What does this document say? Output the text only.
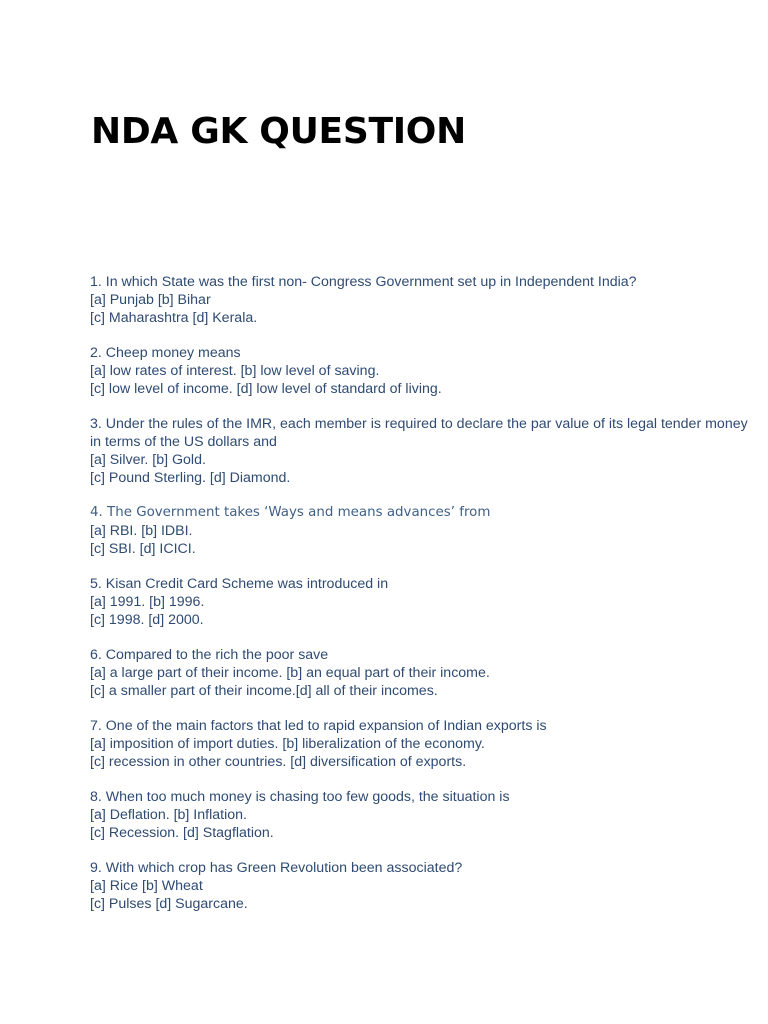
NDA GK QUESTION
1. In which State was the first non- Congress Government set up in Independent India?
[a] Punjab [b] Bihar
[c] Maharashtra [d] Kerala.
2. Cheep money means
[a] low rates of interest. [b] low level of saving.
[c] low level of income. [d] low level of standard of living.
3. Under the rules of the IMR, each member is required to declare the par value of its legal tender money in terms of the US dollars and
[a] Silver. [b] Gold.
[c] Pound Sterling. [d] Diamond.
4. The Government takes ‘Ways and means advances’ from
[a] RBI. [b] IDBI.
[c] SBI. [d] ICICI.
5. Kisan Credit Card Scheme was introduced in
[a] 1991. [b] 1996.
[c] 1998. [d] 2000.
6. Compared to the rich the poor save
[a] a large part of their income. [b] an equal part of their income.
[c] a smaller part of their income.[d] all of their incomes.
7. One of the main factors that led to rapid expansion of Indian exports is
[a] imposition of import duties. [b] liberalization of the economy.
[c] recession in other countries. [d] diversification of exports.
8. When too much money is chasing too few goods, the situation is
[a] Deflation. [b] Inflation.
[c] Recession. [d] Stagflation.
9. With which crop has Green Revolution been associated?
[a] Rice [b] Wheat
[c] Pulses [d] Sugarcane.
